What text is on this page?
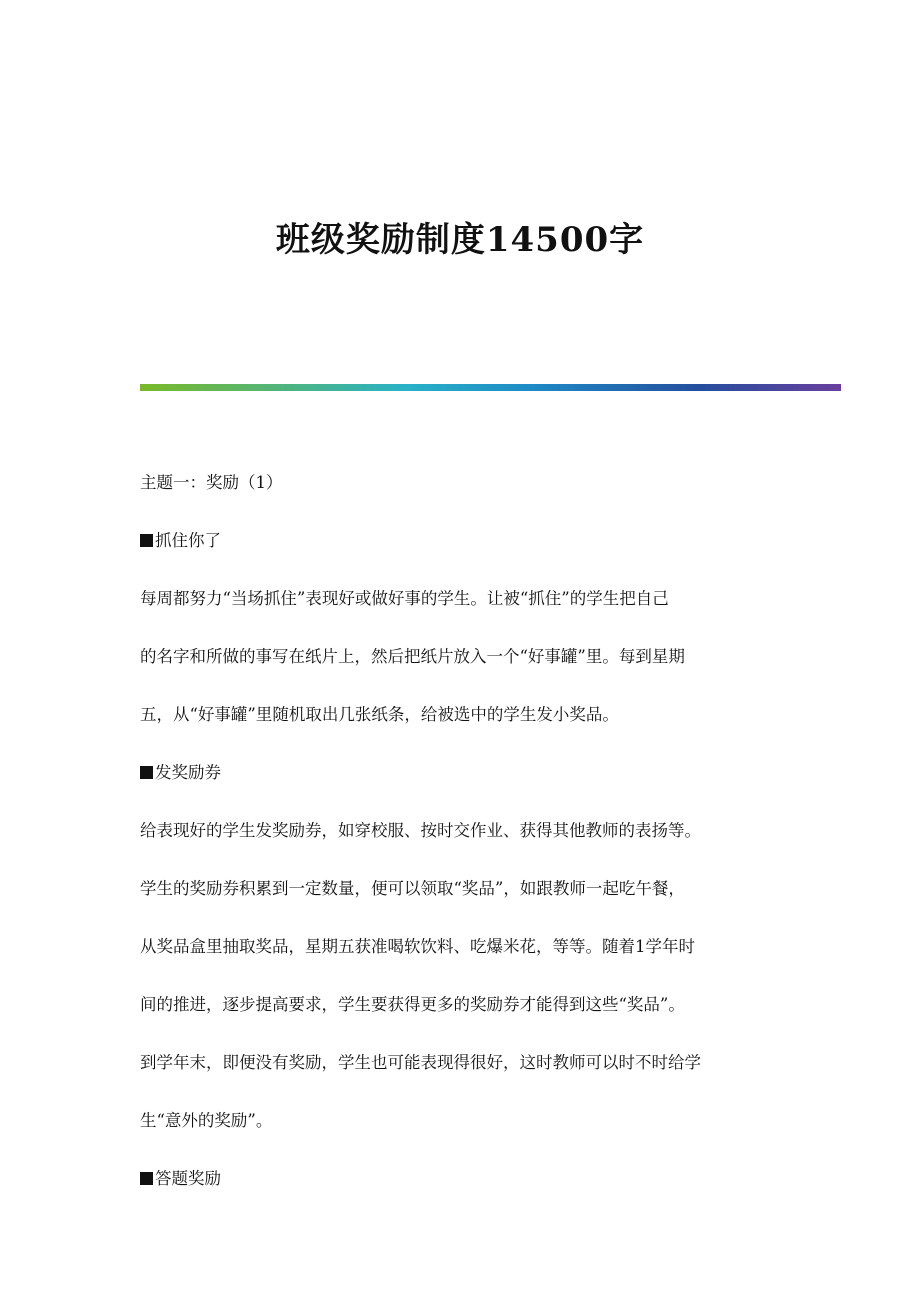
班级奖励制度14500字

主题一：奖励（1）

抓住你了

每周都努力“当场抓住”表现好或做好事的学生。让被“抓住”的学生把自己

的名字和所做的事写在纸片上，然后把纸片放入一个“好事罐”里。每到星期

五，从“好事罐”里随机取出几张纸条，给被选中的学生发小奖品。

发奖励券

给表现好的学生发奖励券，如穿校服、按时交作业、获得其他教师的表扬等。

学生的奖励券积累到一定数量，便可以领取“奖品”，如跟教师一起吃午餐，

从奖品盒里抽取奖品，星期五获准喝软饮料、吃爆米花，等等。随着1学年时

间的推进，逐步提高要求，学生要获得更多的奖励券才能得到这些“奖品”。

到学年末，即便没有奖励，学生也可能表现得很好，这时教师可以时不时给学

生“意外的奖励”。

答题奖励
